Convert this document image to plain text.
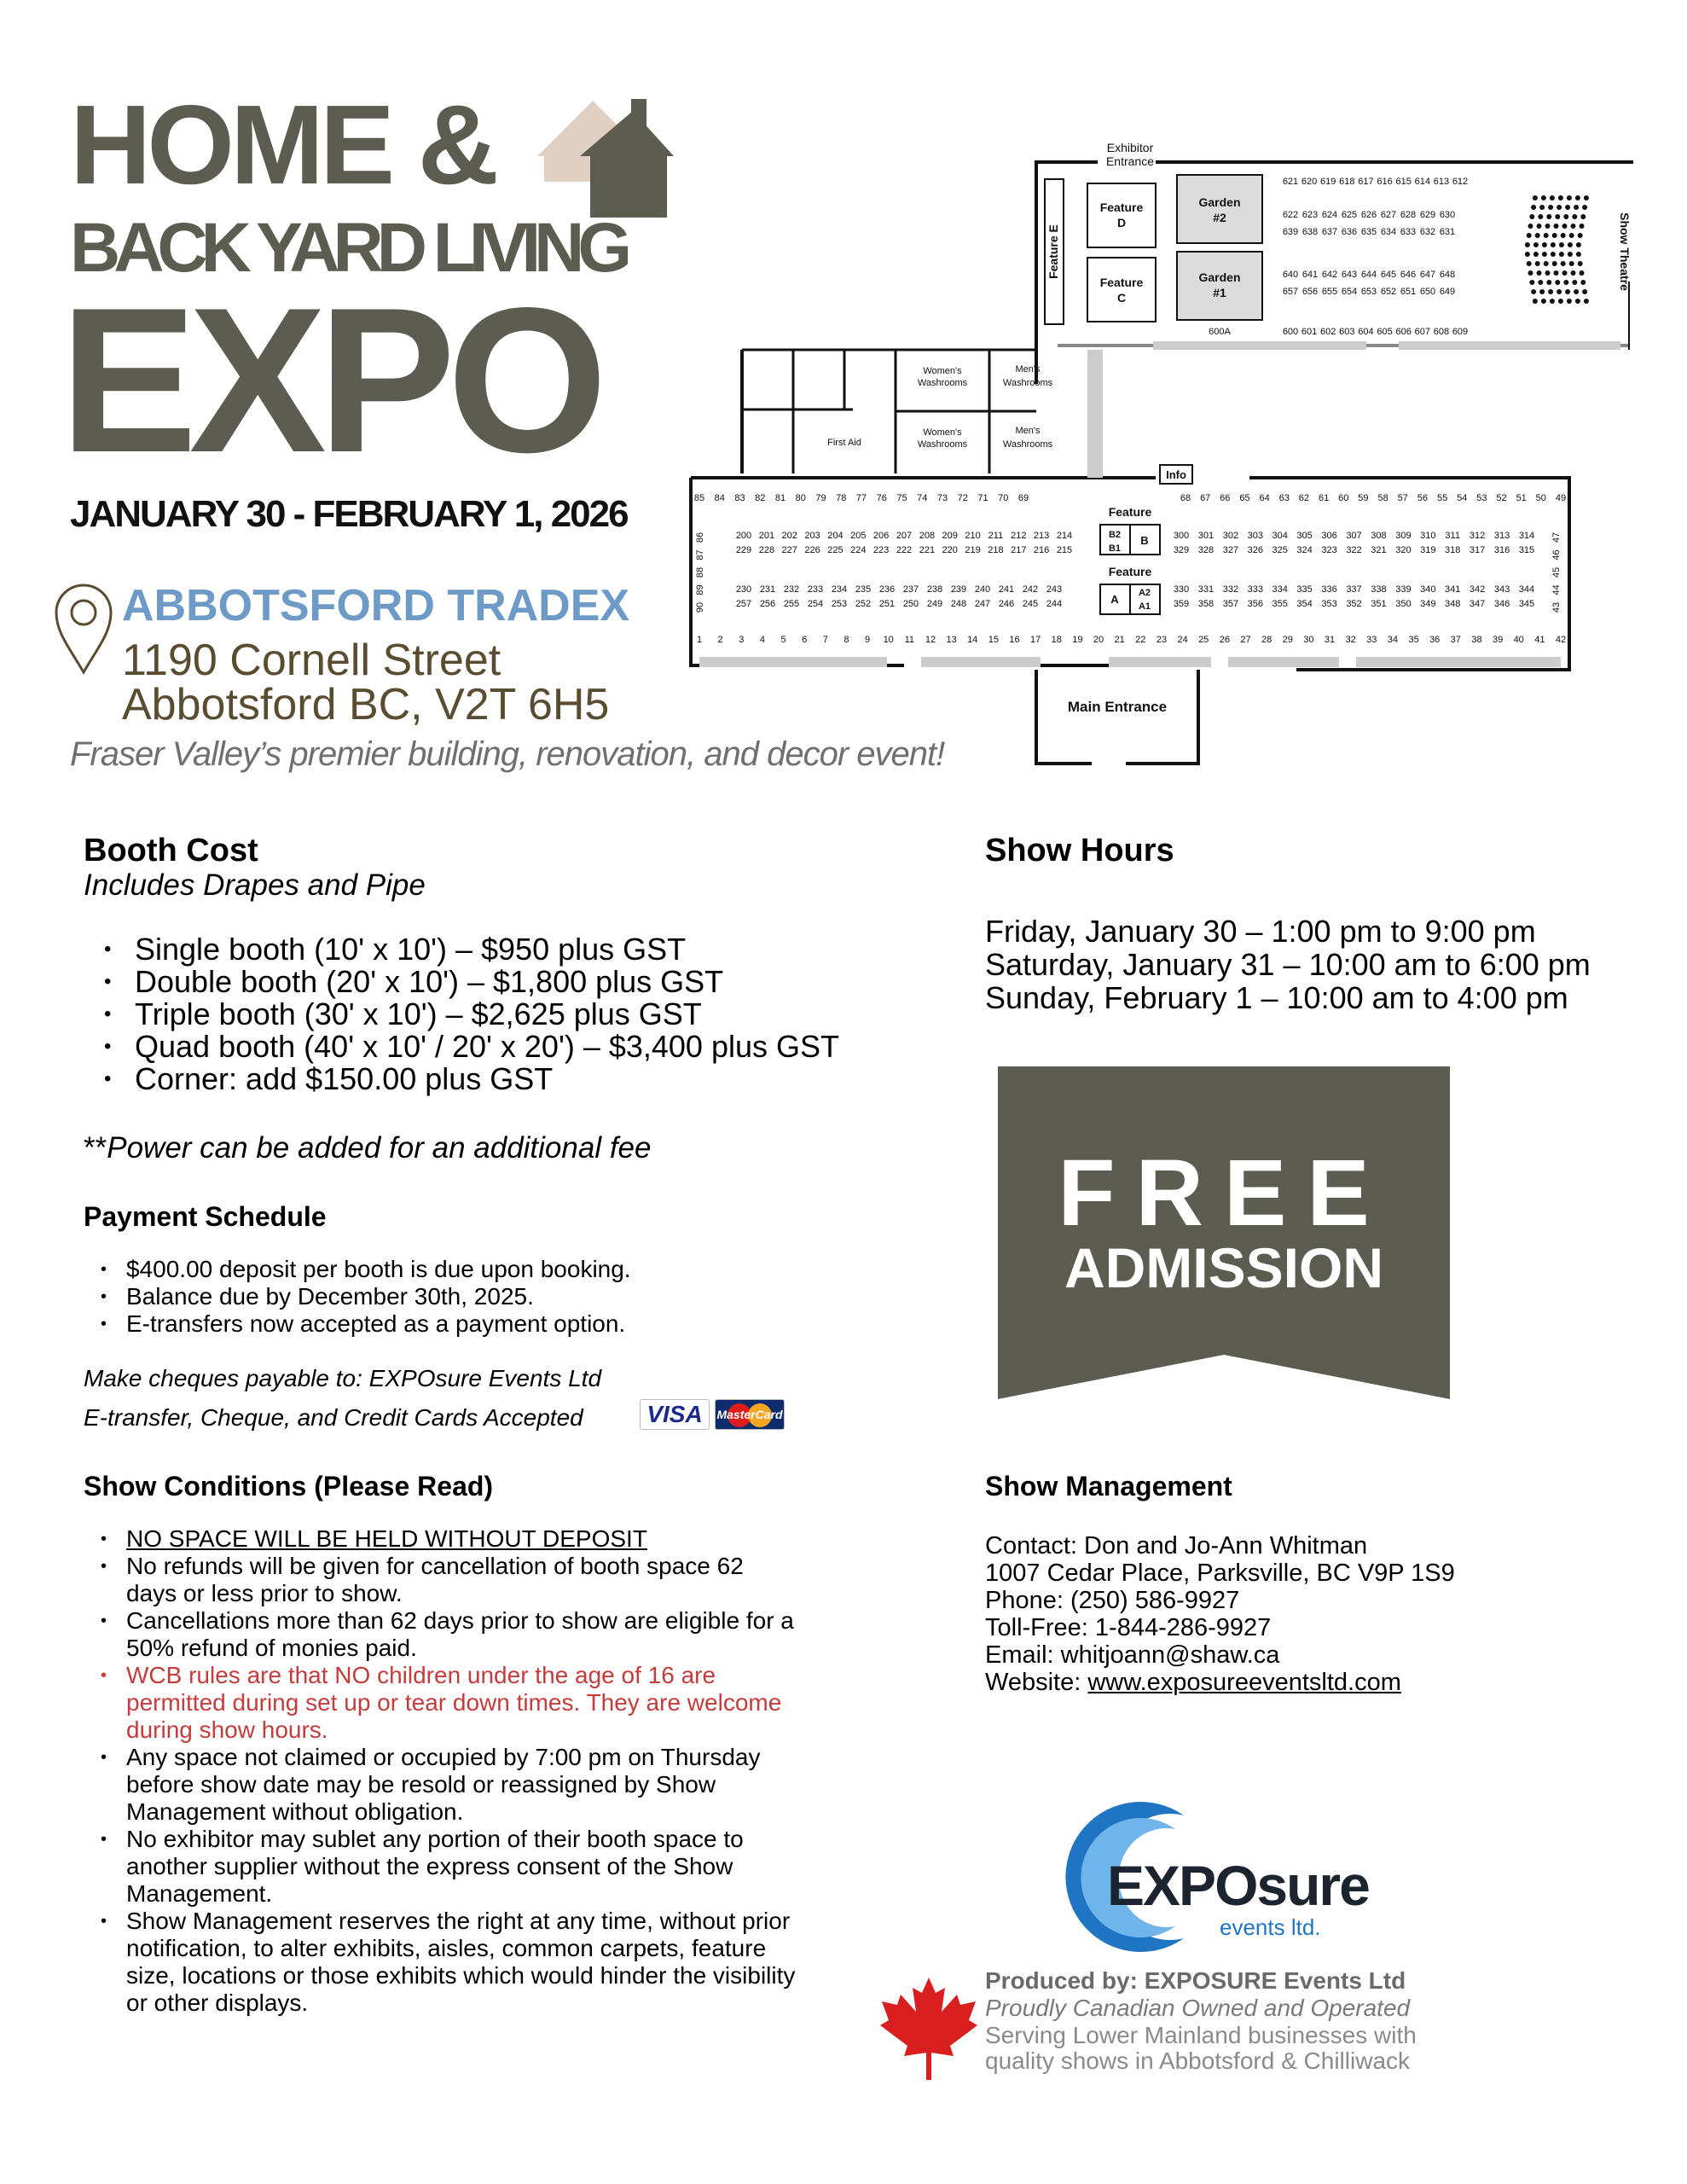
HOME &
BACK YARD LIVING
EXPO
JANUARY 30 - FEBRUARY 1, 2026
ABBOTSFORD TRADEX
1190 Cornell Street
Abbotsford BC, V2T 6H5
Fraser Valley’s premier building, renovation, and decor event!
Exhibitor
Entrance
Feature
D
Feature
C
Garden
#2
Garden
#1
600A
Feature E	Show Theatre
Women's
Washrooms
Men's
Washrooms
Women's
Washrooms
Men's
Washrooms
First Aid
Info
Feature
Feature
B2
B1
B
A A2
A1
Main Entrance
621 620 619 618 617 616 615 614 613 612
622 623 624 625 626 627 628 629 630
639 638 637 636 635 634 633 632 631
640 641 642 643 644 645 646 647 648
657 656 655 654 653 652 651 650 649
600 601 602 603 604 605 606 607 608 609
85 84 83 82 81 80 79 78 77 76 75 74 73 72 71 70 69	68 67 66 65 64 63 62 61 60 59 58 57 56 55 54 53 52 51 50 49
86
87
88
89
90
47
46
45
44
43
200 201 202 203 204 205 206 207 208 209 210 211 212 213 214
229 228 227 226 225 224 223 222 221 220 219 218 217 216 215
230 231 232 233 234 235 236 237 238 239 240 241 242 243
257 256 255 254 253 252 251 250 249 248 247 246 245 244
300 301 302 303 304 305 306 307 308 309 310 311 312 313 314
329 328 327 326 325 324 323 322 321 320 319 318 317 316 315
330 331 332 333 334 335 336 337 338 339 340 341 342 343 344
359 358 357 356 355 354 353 352 351 350 349 348 347 346 345
1 2 3 4 5 6 7 8 9 10 11 12 13 14 15 16 17 18 19 20 21 22 23 24 25 26 27 28 29 30 31 32 33 34 35 36 37 38 39 40 41 42
Booth Cost
Includes Drapes and Pipe
• Single booth (10' x 10') – $950 plus GST
• Double booth (20' x 10') – $1,800 plus GST
• Triple booth (30' x 10') – $2,625 plus GST
• Quad booth (40' x 10' / 20' x 20') – $3,400 plus GST
• Corner: add $150.00 plus GST
**Power can be added for an additional fee
Payment Schedule
• $400.00 deposit per booth is due upon booking.
• Balance due by December 30th, 2025.
• E-transfers now accepted as a payment option.
Make cheques payable to: EXPOsure Events Ltd
E-transfer, Cheque, and Credit Cards Accepted	VISA MasterCard
Show Conditions (Please Read)
• NO SPACE WILL BE HELD WITHOUT DEPOSIT
• No refunds will be given for cancellation of booth space 62 days or less prior to show.
• Cancellations more than 62 days prior to show are eligible for a 50% refund of monies paid.
• WCB rules are that NO children under the age of 16 are permitted during set up or tear down times. They are welcome during show hours.
• Any space not claimed or occupied by 7:00 pm on Thursday before show date may be resold or reassigned by Show Management without obligation.
• No exhibitor may sublet any portion of their booth space to another supplier without the express consent of the Show Management.
• Show Management reserves the right at any time, without prior notification, to alter exhibits, aisles, common carpets, feature size, locations or those exhibits which would hinder the visibility or other displays.
Show Hours
Friday, January 30 – 1:00 pm to 9:00 pm
Saturday, January 31 – 10:00 am to 6:00 pm
Sunday, February 1 – 10:00 am to 4:00 pm
FREE
ADMISSION
Show Management
Contact: Don and Jo-Ann Whitman
1007 Cedar Place, Parksville, BC V9P 1S9
Phone: (250) 586-9927
Toll-Free: 1-844-286-9927
Email: whitjoann@shaw.ca
Website: www.exposureeventsltd.com
EXPOsure
events ltd.
Produced by: EXPOSURE Events Ltd
Proudly Canadian Owned and Operated
Serving Lower Mainland businesses with
quality shows in Abbotsford & Chilliwack
